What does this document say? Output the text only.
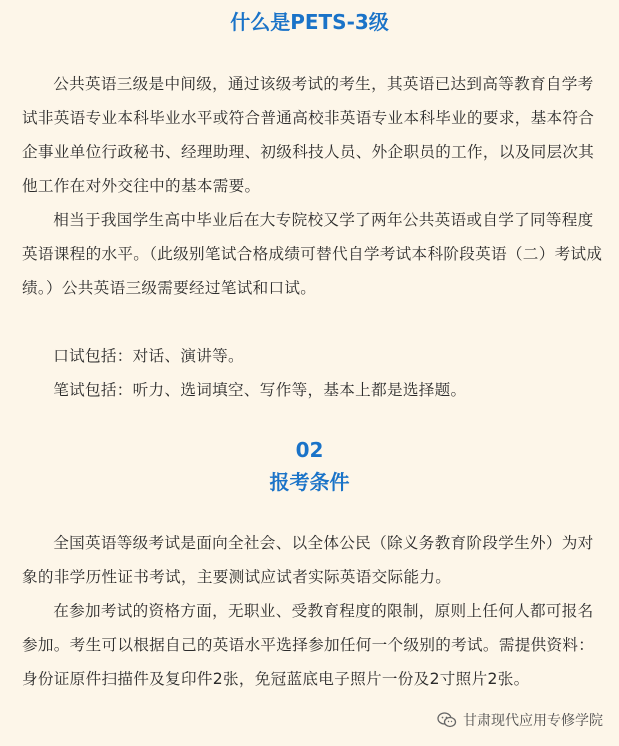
什么是PETS-3级

公共英语三级是中间级，通过该级考试的考生，其英语已达到高等教育自学考试非英语专业本科毕业水平或符合普通高校非英语专业本科毕业的要求，基本符合企事业单位行政秘书、经理助理、初级科技人员、外企职员的工作，以及同层次其他工作在对外交往中的基本需要。

相当于我国学生高中毕业后在大专院校又学了两年公共英语或自学了同等程度英语课程的水平。（此级别笔试合格成绩可替代自学考试本科阶段英语（二）考试成绩。）公共英语三级需要经过笔试和口试。

口试包括：对话、演讲等。

笔试包括：听力、选词填空、写作等，基本上都是选择题。

02
报考条件

全国英语等级考试是面向全社会、以全体公民（除义务教育阶段学生外）为对象的非学历性证书考试，主要测试应试者实际英语交际能力。

在参加考试的资格方面，无职业、受教育程度的限制，原则上任何人都可报名参加。考生可以根据自己的英语水平选择参加任何一个级别的考试。需提供资料：身份证原件扫描件及复印件2张，免冠蓝底电子照片一份及2寸照片2张。

甘肃现代应用专修学院
